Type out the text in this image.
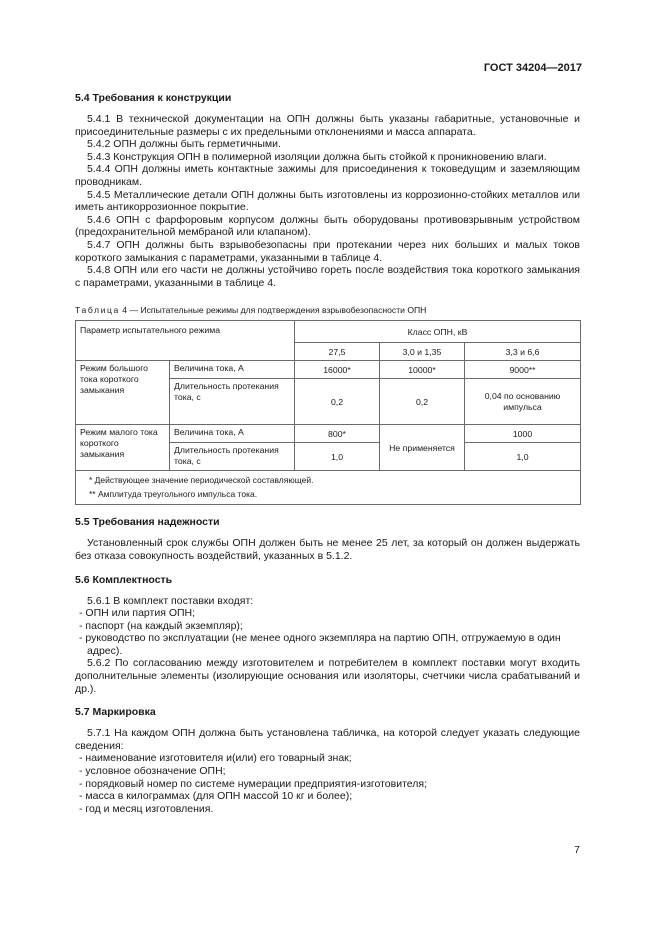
ГОСТ 34204—2017
5.4 Требования к конструкции

5.4.1 В технической документации на ОПН должны быть указаны габаритные, установочные и присоединительные размеры с их предельными отклонениями и масса аппарата.

5.4.2 ОПН должны быть герметичными.

5.4.3 Конструкция ОПН в полимерной изоляции должна быть стойкой к проникновению влаги.

5.4.4 ОПН должны иметь контактные зажимы для присоединения к токоведущим и заземляющим проводникам.

5.4.5 Металлические детали ОПН должны быть изготовлены из коррозионно-стойких металлов или иметь антикоррозионное покрытие.

5.4.6 ОПН с фарфоровым корпусом должны быть оборудованы противовзрывным устройством (предохранительной мембраной или клапаном).

5.4.7 ОПН должны быть взрывобезопасны при протекании через них больших и малых токов короткого замыкания с параметрами, указанными в таблице 4.

5.4.8 ОПН или его части не должны устойчиво гореть после воздействия тока короткого замыкания с параметрами, указанными в таблице 4.

Таблица 4 — Испытательные режимы для подтверждения взрывобезопасности ОПН
Параметр испытательного режима		Класс ОПН, кВ		
		27,5	3,0 и 1,35	3,3 и 6,6
Режим большого тока короткого замыкания	Величина тока, А	16000*	10000*	9000**
	Длительность протекания тока, с	0,2	0,2	0,04 по основанию импульса
Режим малого тока короткого замыкания	Величина тока, А	800*	Не применяется	1000
	Длительность протекания тока, с	1,0		1,0

* Действующее значение периодической составляющей.
** Амплитуда треугольного импульса тока.				
5.5 Требования надежности

Установленный срок службы ОПН должен быть не менее 25 лет, за который он должен выдержать без отказа совокупность воздействий, указанных в 5.1.2.

5.6 Комплектность

5.6.1 В комплект поставки входят:

- ОПН или партия ОПН;
- паспорт (на каждый экземпляр);
- руководство по эксплуатации (не менее одного экземпляра на партию ОПН, отгружаемую в один адрес).

5.6.2 По согласованию между изготовителем и потребителем в комплект поставки могут входить дополнительные элементы (изолирующие основания или изоляторы, счетчики числа срабатываний и др.).

5.7 Маркировка

5.7.1 На каждом ОПН должна быть установлена табличка, на которой следует указать следующие сведения:

- наименование изготовителя и(или) его товарный знак;
- условное обозначение ОПН;
- порядковый номер по системе нумерации предприятия-изготовителя;
- масса в килограммах (для ОПН массой 10 кг и более);
- год и месяц изготовления.
7
